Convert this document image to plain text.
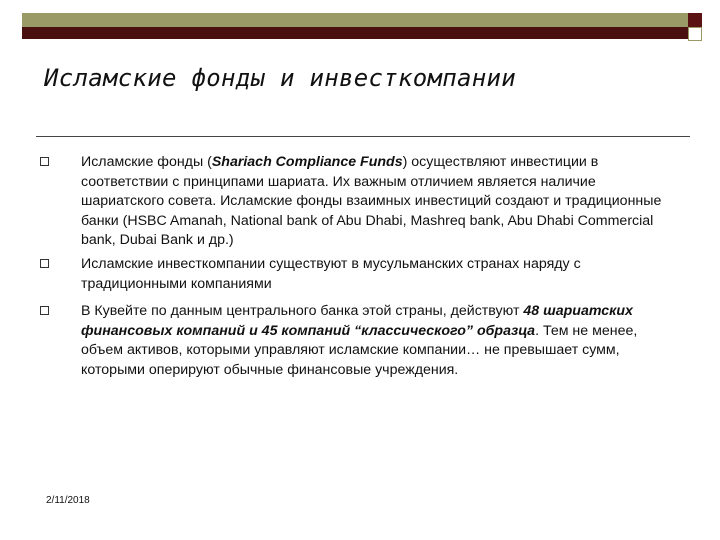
Исламские фонды и инвесткомпании
Исламские фонды (Shariach Compliance Funds) осуществляют инвестиции в соответствии с принципами шариата. Их важным отличием является наличие шариатского совета. Исламские фонды взаимных инвестиций создают и традиционные банки (HSBC Amanah, National bank of Abu Dhabi, Mashreq bank, Abu Dhabi Commercial bank, Dubai Bank и др.)
Исламские инвесткомпании существуют в мусульманских странах наряду с традиционными компаниями
В Кувейте по данным центрального банка этой страны, действуют 48 шариатских финансовых компаний и 45 компаний “классического” образца. Тем не менее, объем активов, которыми управляют исламские компании… не превышает сумм, которыми оперируют обычные финансовые учреждения.
2/11/2018
